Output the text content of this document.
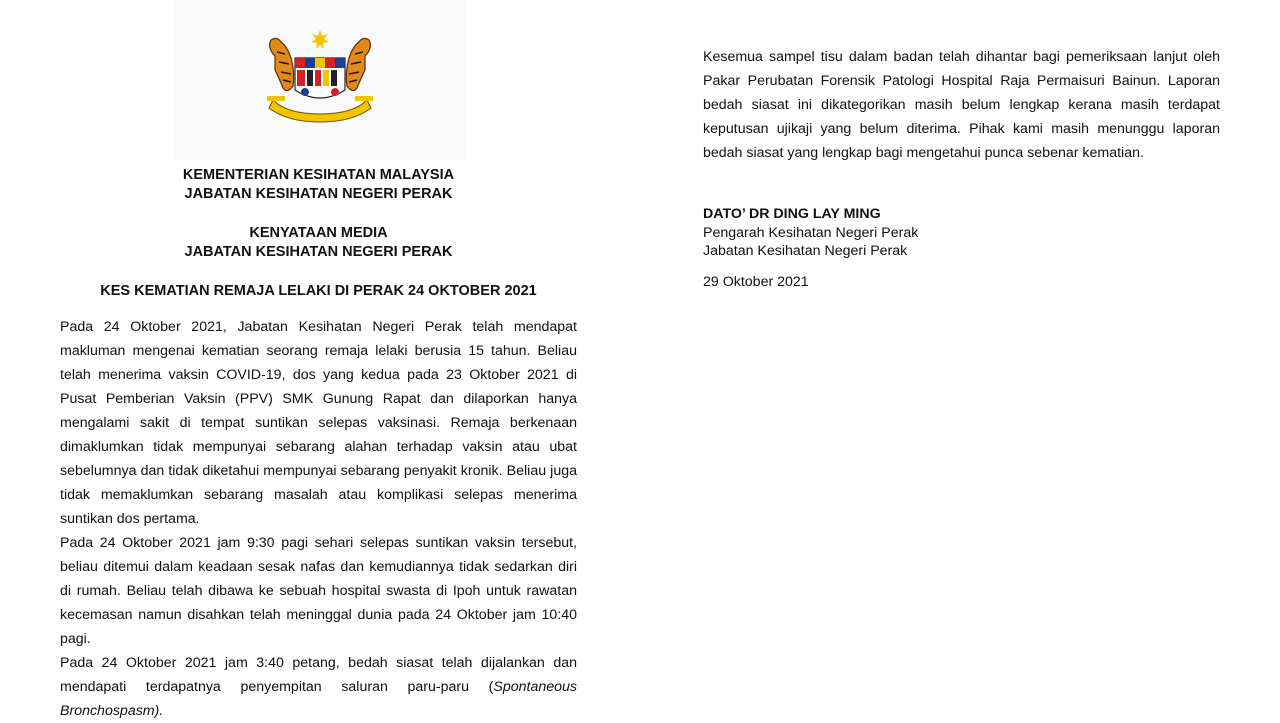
KEMENTERIAN KESIHATAN MALAYSIA
JABATAN KESIHATAN NEGERI PERAK
KENYATAAN MEDIA
JABATAN KESIHATAN NEGERI PERAK
KES KEMATIAN REMAJA LELAKI DI PERAK 24 OKTOBER 2021

Pada 24 Oktober 2021, Jabatan Kesihatan Negeri Perak telah mendapat makluman mengenai kematian seorang remaja lelaki berusia 15 tahun. Beliau telah menerima vaksin COVID-19, dos yang kedua pada 23 Oktober 2021 di Pusat Pemberian Vaksin (PPV) SMK Gunung Rapat dan dilaporkan hanya mengalami sakit di tempat suntikan selepas vaksinasi. Remaja berkenaan dimaklumkan tidak mempunyai sebarang alahan terhadap vaksin atau ubat sebelumnya dan tidak diketahui mempunyai sebarang penyakit kronik. Beliau juga tidak memaklumkan sebarang masalah atau komplikasi selepas menerima suntikan dos pertama.

Pada 24 Oktober 2021 jam 9:30 pagi sehari selepas suntikan vaksin tersebut, beliau ditemui dalam keadaan sesak nafas dan kemudiannya tidak sedarkan diri di rumah. Beliau telah dibawa ke sebuah hospital swasta di Ipoh untuk rawatan kecemasan namun disahkan telah meninggal dunia pada 24 Oktober jam 10:40 pagi.

Pada 24 Oktober 2021 jam 3:40 petang, bedah siasat telah dijalankan dan mendapati terdapatnya penyempitan saluran paru-paru (Spontaneous Bronchospasm).

Kesemua sampel tisu dalam badan telah dihantar bagi pemeriksaan lanjut oleh Pakar Perubatan Forensik Patologi Hospital Raja Permaisuri Bainun. Laporan bedah siasat ini dikategorikan masih belum lengkap kerana masih terdapat keputusan ujikaji yang belum diterima. Pihak kami masih menunggu laporan bedah siasat yang lengkap bagi mengetahui punca sebenar kematian.

DATO’ DR DING LAY MING
Pengarah Kesihatan Negeri Perak
Jabatan Kesihatan Negeri Perak
29 Oktober 2021
